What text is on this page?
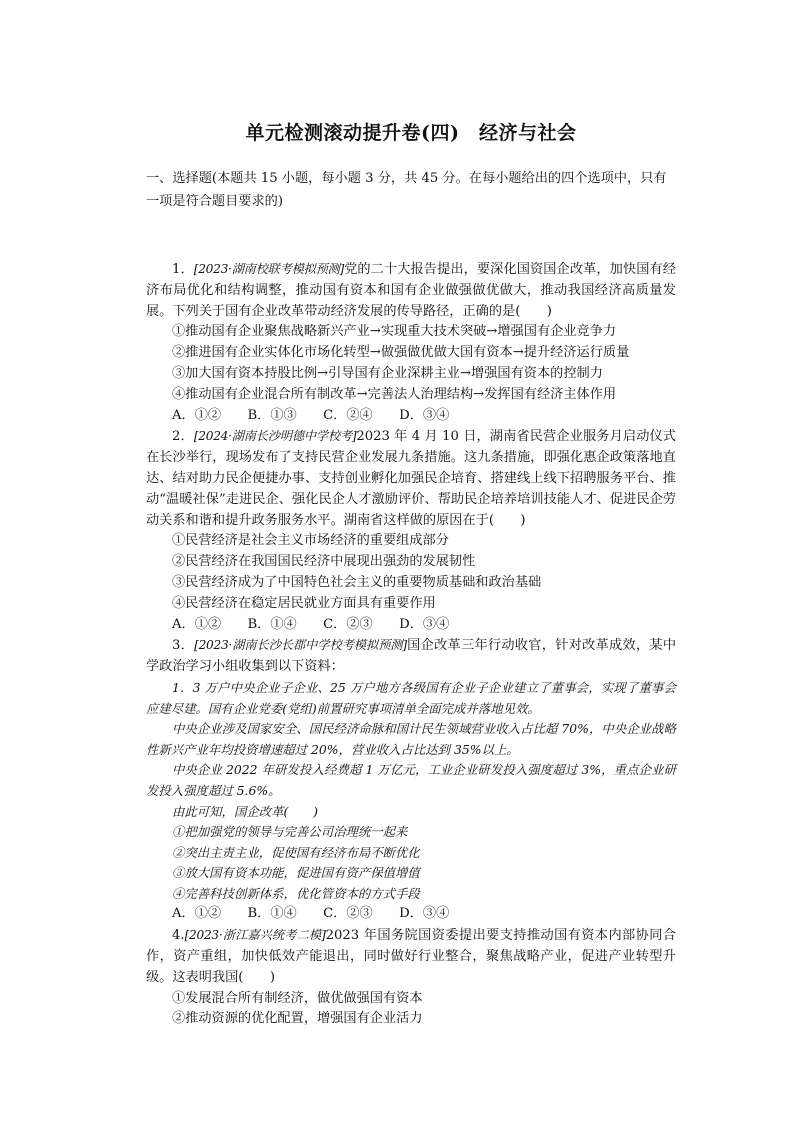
单元检测滚动提升卷(四)　经济与社会

一、选择题(本题共 15 小题，每小题 3 分，共 45 分。在每小题给出的四个选项中，只有一项是符合题目要求的)

1．[2023·湖南校联考模拟预测]党的二十大报告提出，要深化国资国企改革，加快国有经济布局优化和结构调整，推动国有资本和国有企业做强做优做大，推动我国经济高质量发展。下列关于国有企业改革带动经济发展的传导路径，正确的是(　　)

①推动国有企业聚焦战略新兴产业→实现重大技术突破→增强国有企业竞争力

②推进国有企业实体化市场化转型→做强做优做大国有资本→提升经济运行质量

③加大国有资本持股比例→引导国有企业深耕主业→增强国有资本的控制力

④推动国有企业混合所有制改革→完善法人治理结构→发挥国有经济主体作用

A．①②　　B．①③　　C．②④　　D．③④

2．[2024·湖南长沙明德中学校考]2023 年 4 月 10 日，湖南省民营企业服务月启动仪式在长沙举行，现场发布了支持民营企业发展九条措施。这九条措施，即强化惠企政策落地直达、结对助力民企便捷办事、支持创业孵化加强民企培育、搭建线上线下招聘服务平台、推动“温暖社保”走进民企、强化民企人才激励评价、帮助民企培养培训技能人才、促进民企劳动关系和谐和提升政务服务水平。湖南省这样做的原因在于(　　)

①民营经济是社会主义市场经济的重要组成部分

②民营经济在我国国民经济中展现出强劲的发展韧性

③民营经济成为了中国特色社会主义的重要物质基础和政治基础

④民营经济在稳定居民就业方面具有重要作用

A．①②　　B．①④　　C．②③　　D．③④

3．[2023·湖南长沙长郡中学校考模拟预测]国企改革三年行动收官，针对改革成效，某中学政治学习小组收集到以下资料：

1．3 万户中央企业子企业、25 万户地方各级国有企业子企业建立了董事会，实现了董事会应建尽建。国有企业党委(党组)前置研究事项清单全面完成并落地见效。

中央企业涉及国家安全、国民经济命脉和国计民生领域营业收入占比超 70%，中央企业战略性新兴产业年均投资增速超过 20%，营业收入占比达到 35%以上。

中央企业 2022 年研发投入经费超 1 万亿元，工业企业研发投入强度超过 3%，重点企业研发投入强度超过 5.6%。

由此可知，国企改革(　　)

①把加强党的领导与完善公司治理统一起来

②突出主责主业，促使国有经济布局不断优化

③放大国有资本功能，促进国有资产保值增值

④完善科技创新体系，优化管资本的方式手段

A．①②　　B．①④　　C．②③　　D．③④

4.[2023·浙江嘉兴统考二模]2023 年国务院国资委提出要支持推动国有资本内部协同合作，资产重组，加快低效产能退出，同时做好行业整合，聚焦战略产业，促进产业转型升级。这表明我国(　　)

①发展混合所有制经济，做优做强国有资本

②推动资源的优化配置，增强国有企业活力
